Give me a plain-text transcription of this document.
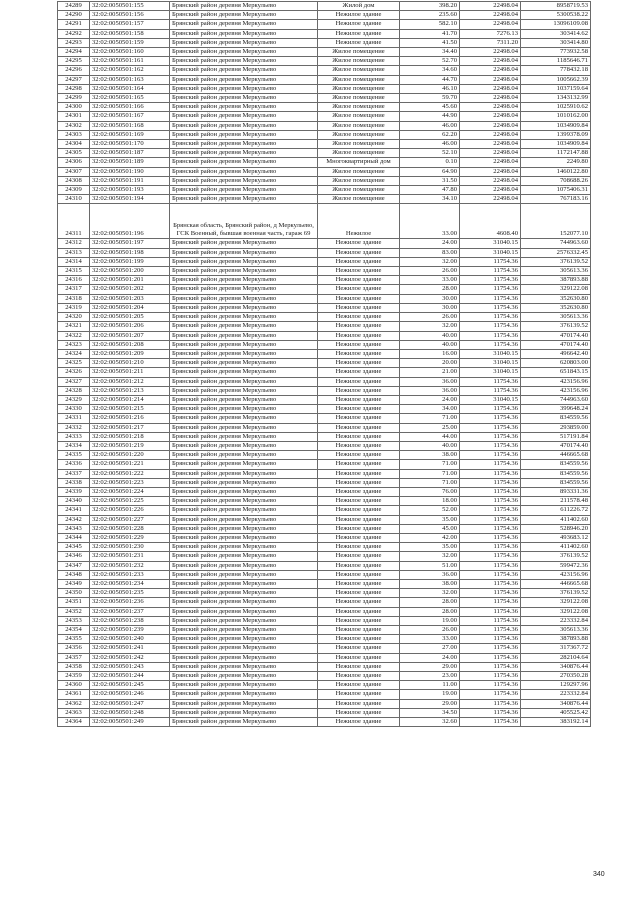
24289	32:02:0050501:155	Брянский район деревня Меркульево	Жилой дом	398.20	22498.04	8958719.53
24290	32:02:0050501:156	Брянский район деревня Меркульево	Нежилое здание	235.60	22498.04	5300538.22
24291	32:02:0050501:157	Брянский район деревня Меркульево	Нежилое здание	582.10	22498.04	13096109.08
24292	32:02:0050501:158	Брянский район деревня Меркульево	Нежилое здание	41.70	7276.13	303414.62
24293	32:02:0050501:159	Брянский район деревня Меркульево	Нежилое здание	41.50	7311.20	303414.80
24294	32:02:0050501:160	Брянский район деревня Меркульево	Жилое помещение	34.40	22498.04	773932.58
24295	32:02:0050501:161	Брянский район деревня Меркульево	Жилое помещение	52.70	22498.04	1185646.71
24296	32:02:0050501:162	Брянский район деревня Меркульево	Жилое помещение	34.60	22498.04	778432.18
24297	32:02:0050501:163	Брянский район деревня Меркульево	Жилое помещение	44.70	22498.04	1005662.39
24298	32:02:0050501:164	Брянский район деревня Меркульево	Жилое помещение	46.10	22498.04	1037159.64
24299	32:02:0050501:165	Брянский район деревня Меркульево	Жилое помещение	59.70	22498.04	1343132.99
24300	32:02:0050501:166	Брянский район деревня Меркульево	Жилое помещение	45.60	22498.04	1025910.62
24301	32:02:0050501:167	Брянский район деревня Меркульево	Жилое помещение	44.90	22498.04	1010162.00
24302	32:02:0050501:168	Брянский район деревня Меркульево	Жилое помещение	46.00	22498.04	1034909.84
24303	32:02:0050501:169	Брянский район деревня Меркульево	Жилое помещение	62.20	22498.04	1399378.09
24304	32:02:0050501:170	Брянский район деревня Меркульево	Жилое помещение	46.00	22498.04	1034909.84
24305	32:02:0050501:187	Брянский район деревня Меркульево	Жилое помещение	52.10	22498.04	1172147.88
24306	32:02:0050501:189	Брянский район деревня Меркульево	Многоквартирный дом	0.10	22498.04	2249.80
24307	32:02:0050501:190	Брянский район деревня Меркульево	Жилое помещение	64.90	22498.04	1460122.80
24308	32:02:0050501:191	Брянский район деревня Меркульево	Жилое помещение	31.50	22498.04	708688.26
24309	32:02:0050501:193	Брянский район деревня Меркульево	Жилое помещение	47.80	22498.04	1075406.31
24310	32:02:0050501:194	Брянский район деревня Меркульево	Жилое помещение	34.10	22498.04	767183.16
24311	32:02:0050501:196	Брянская область, Брянский район, д Меркульево, ГСК Военный, бывшая военная часть, гараж 69	Нежилое	33.00	4608.40	152077.10
24312	32:02:0050501:197	Брянский район деревня Меркульево	Нежилое здание	24.00	31040.15	744963.60
24313	32:02:0050501:198	Брянский район деревня Меркульево	Нежилое здание	83.00	31040.15	2576332.45
24314	32:02:0050501:199	Брянский район деревня Меркульево	Нежилое здание	32.00	11754.36	376139.52
24315	32:02:0050501:200	Брянский район деревня Меркульево	Нежилое здание	26.00	11754.36	305613.36
24316	32:02:0050501:201	Брянский район деревня Меркульево	Нежилое здание	33.00	11754.36	387893.88
24317	32:02:0050501:202	Брянский район деревня Меркульево	Нежилое здание	28.00	11754.36	329122.08
24318	32:02:0050501:203	Брянский район деревня Меркульево	Нежилое здание	30.00	11754.36	352630.80
24319	32:02:0050501:204	Брянский район деревня Меркульево	Нежилое здание	30.00	11754.36	352630.80
24320	32:02:0050501:205	Брянский район деревня Меркульево	Нежилое здание	26.00	11754.36	305613.36
24321	32:02:0050501:206	Брянский район деревня Меркульево	Нежилое здание	32.00	11754.36	376139.52
24322	32:02:0050501:207	Брянский район деревня Меркульево	Нежилое здание	40.00	11754.36	470174.40
24323	32:02:0050501:208	Брянский район деревня Меркульево	Нежилое здание	40.00	11754.36	470174.40
24324	32:02:0050501:209	Брянский район деревня Меркульево	Нежилое здание	16.00	31040.15	496642.40
24325	32:02:0050501:210	Брянский район деревня Меркульево	Нежилое здание	20.00	31040.15	620803.00
24326	32:02:0050501:211	Брянский район деревня Меркульево	Нежилое здание	21.00	31040.15	651843.15
24327	32:02:0050501:212	Брянский район деревня Меркульево	Нежилое здание	36.00	11754.36	423156.96
24328	32:02:0050501:213	Брянский район деревня Меркульево	Нежилое здание	36.00	11754.36	423156.96
24329	32:02:0050501:214	Брянский район деревня Меркульево	Нежилое здание	24.00	31040.15	744963.60
24330	32:02:0050501:215	Брянский район деревня Меркульево	Нежилое здание	34.00	11754.36	399648.24
24331	32:02:0050501:216	Брянский район деревня Меркульево	Нежилое здание	71.00	11754.36	834559.56
24332	32:02:0050501:217	Брянский район деревня Меркульево	Нежилое здание	25.00	11754.36	293859.00
24333	32:02:0050501:218	Брянский район деревня Меркульево	Нежилое здание	44.00	11754.36	517191.84
24334	32:02:0050501:219	Брянский район деревня Меркульево	Нежилое здание	40.00	11754.36	470174.40
24335	32:02:0050501:220	Брянский район деревня Меркульево	Нежилое здание	38.00	11754.36	446665.68
24336	32:02:0050501:221	Брянский район деревня Меркульево	Нежилое здание	71.00	11754.36	834559.56
24337	32:02:0050501:222	Брянский район деревня Меркульево	Нежилое здание	71.00	11754.36	834559.56
24338	32:02:0050501:223	Брянский район деревня Меркульево	Нежилое здание	71.00	11754.36	834559.56
24339	32:02:0050501:224	Брянский район деревня Меркульево	Нежилое здание	76.00	11754.36	893331.36
24340	32:02:0050501:225	Брянский район деревня Меркульево	Нежилое здание	18.00	11754.36	211578.48
24341	32:02:0050501:226	Брянский район деревня Меркульево	Нежилое здание	52.00	11754.36	611226.72
24342	32:02:0050501:227	Брянский район деревня Меркульево	Нежилое здание	35.00	11754.36	411402.60
24343	32:02:0050501:228	Брянский район деревня Меркульево	Нежилое здание	45.00	11754.36	528946.20
24344	32:02:0050501:229	Брянский район деревня Меркульево	Нежилое здание	42.00	11754.36	493683.12
24345	32:02:0050501:230	Брянский район деревня Меркульево	Нежилое здание	35.00	11754.36	411402.60
24346	32:02:0050501:231	Брянский район деревня Меркульево	Нежилое здание	32.00	11754.36	376139.52
24347	32:02:0050501:232	Брянский район деревня Меркульево	Нежилое здание	51.00	11754.36	599472.36
24348	32:02:0050501:233	Брянский район деревня Меркульево	Нежилое здание	36.00	11754.36	423156.96
24349	32:02:0050501:234	Брянский район деревня Меркульево	Нежилое здание	38.00	11754.36	446665.68
24350	32:02:0050501:235	Брянский район деревня Меркульево	Нежилое здание	32.00	11754.36	376139.52
24351	32:02:0050501:236	Брянский район деревня Меркульево	Нежилое здание	28.00	11754.36	329122.08
24352	32:02:0050501:237	Брянский район деревня Меркульево	Нежилое здание	28.00	11754.36	329122.08
24353	32:02:0050501:238	Брянский район деревня Меркульево	Нежилое здание	19.00	11754.36	223332.84
24354	32:02:0050501:239	Брянский район деревня Меркульево	Нежилое здание	26.00	11754.36	305613.36
24355	32:02:0050501:240	Брянский район деревня Меркульево	Нежилое здание	33.00	11754.36	387893.88
24356	32:02:0050501:241	Брянский район деревня Меркульево	Нежилое здание	27.00	11754.36	317367.72
24357	32:02:0050501:242	Брянский район деревня Меркульево	Нежилое здание	24.00	11754.36	282104.64
24358	32:02:0050501:243	Брянский район деревня Меркульево	Нежилое здание	29.00	11754.36	340876.44
24359	32:02:0050501:244	Брянский район деревня Меркульево	Нежилое здание	23.00	11754.36	270350.28
24360	32:02:0050501:245	Брянский район деревня Меркульево	Нежилое здание	11.00	11754.36	129297.96
24361	32:02:0050501:246	Брянский район деревня Меркульево	Нежилое здание	19.00	11754.36	223332.84
24362	32:02:0050501:247	Брянский район деревня Меркульево	Нежилое здание	29.00	11754.36	340876.44
24363	32:02:0050501:248	Брянский район деревня Меркульево	Нежилое здание	34.50	11754.36	405525.42
24364	32:02:0050501:249	Брянский район деревня Меркульево	Нежилое здание	32.60	11754.36	383192.14
340
